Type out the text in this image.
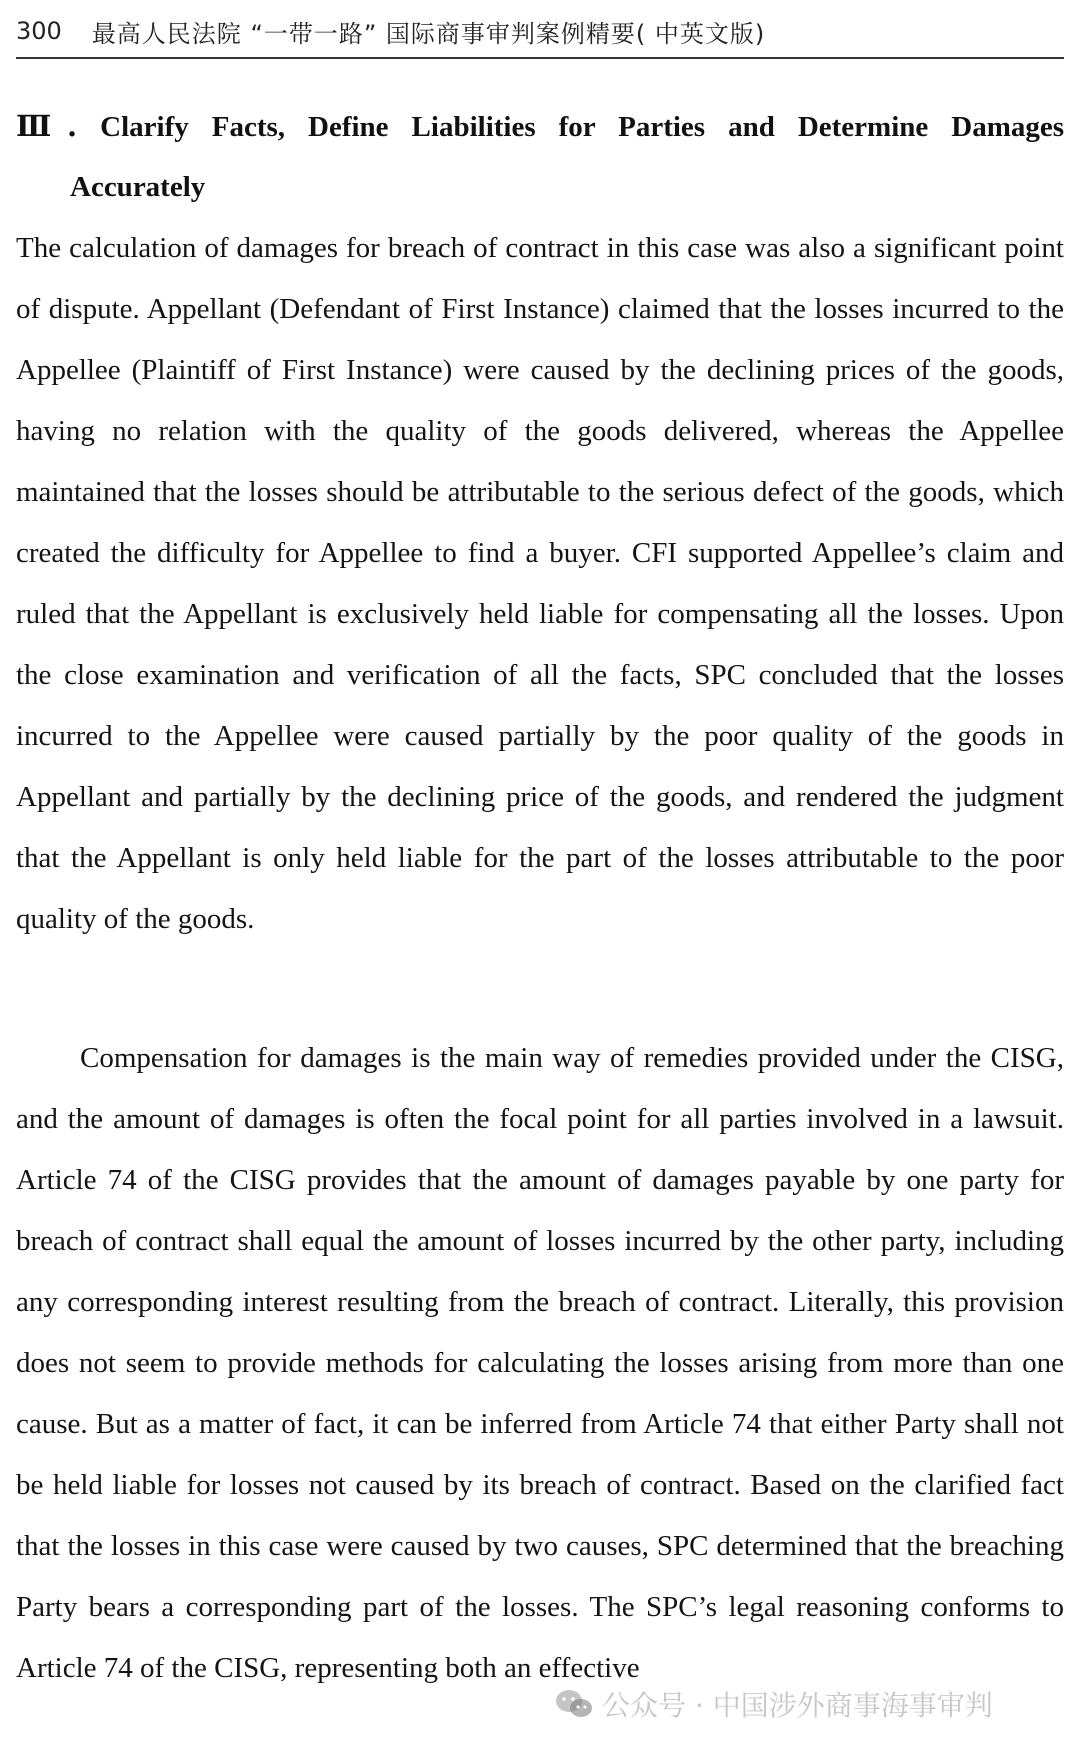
300 最高人民法院 “一带一路” 国际商事审判案例精要( 中英文版)
Ⅲ. Clarify Facts, Define Liabilities for Parties and Determine Damages
Accurately

The calculation of damages for breach of contract in this case was also a significant point of dispute. Appellant (Defendant of First Instance) claimed that the losses incurred to the Appellee (Plaintiff of First Instance) were caused by the declining prices of the goods, having no relation with the quality of the goods delivered, whereas the Appellee maintained that the losses should be attributable to the serious defect of the goods, which created the difficulty for Appellee to find a buyer. CFI supported Appellee’s claim and ruled that the Appellant is exclusively held liable for compensating all the losses. Upon the close examination and verification of all the facts, SPC concluded that the losses incurred to the Appellee were caused partially by the poor quality of the goods in Appellant and partially by the declining price of the goods, and rendered the judgment that the Appellant is only held liable for the part of the losses attributable to the poor quality of the goods.

Compensation for damages is the main way of remedies provided under the CISG, and the amount of damages is often the focal point for all parties involved in a lawsuit. Article 74 of the CISG provides that the amount of damages payable by one party for breach of contract shall equal the amount of losses incurred by the other party, including any corresponding interest resulting from the breach of contract. Literally, this provision does not seem to provide methods for calculating the losses arising from more than one cause. But as a matter of fact, it can be inferred from Article 74 that either Party shall not be held liable for losses not caused by its breach of contract. Based on the clarified fact that the losses in this case were caused by two causes, SPC determined that the breaching Party bears a corresponding part of the losses. The SPC’s legal reasoning conforms to Article 74 of the CISG, representing both an effective

公众号 · 中国涉外商事海事审判
